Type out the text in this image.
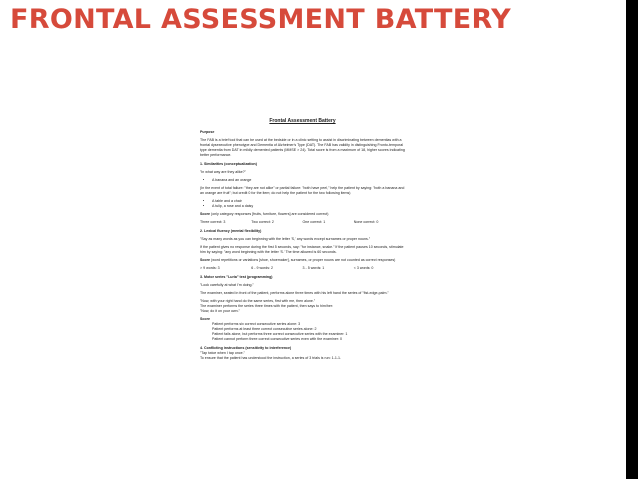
FRONTAL ASSESSMENT BATTERY
Frontal Assessment Battery

Purpose

The FAB is a brief tool that can be used at the bedside or in a clinic setting to assist in discriminating between dementias with a frontal dysexecutive phenotype and Dementia of Alzheimer's Type (DAT). The FAB has validity in distinguishing Fronto-temporal type dementia from DAT in mildly demented patients (MMSE > 24). Total score is from a maximum of 18, higher scores indicating better performance.

1. Similarities (conceptualization)

"In what way are they alike?"

• A banana and an orange

(In the event of total failure: "they are not alike" or partial failure: "both have peel," help the patient by saying: "both a banana and an orange are fruit"; but credit 0 for the item; do not help the patient for the two following items)

• A table and a chair
• A tulip, a rose and a daisy

Score (only category responses [fruits, furniture, flowers] are considered correct)

Three correct: 3	Two correct: 2	One correct: 1	None correct: 0

2. Lexical fluency (mental flexibility)

"Say as many words as you can beginning with the letter 'S,' any words except surnames or proper nouns."

If the patient gives no response during the first 5 seconds, say: "for instance, snake." If the patient pauses 10 seconds, stimulate him by saying: "any word beginning with the letter 'S.' The time allowed is 60 seconds.

Score (word repetitions or variations [shoe, shoemaker], surnames, or proper nouns are not counted as correct responses)

> 9 words: 3	6 - 9 words: 2	3 - 5 words: 1	< 3 words: 0

3. Motor series "Luria" test (programming)

"Look carefully at what I'm doing."

The examiner, seated in front of the patient, performs alone three times with his left hand the series of "fist-edge-palm."

"Now, with your right hand do the same series, first with me, then alone."

The examiner performs the series three times with the patient, then says to him/her:

"Now, do it on your own."

Score

Patient performs six correct consecutive series alone: 3

Patient performs at least three correct consecutive series alone: 2

Patient fails alone, but performs three correct consecutive series with the examiner: 1

Patient cannot perform three correct consecutive series even with the examiner: 0

4. Conflicting instructions (sensitivity to interference)

"Tap twice when I tap once."

To ensure that the patient has understood the instruction, a series of 3 trials is run: 1-1-1.
